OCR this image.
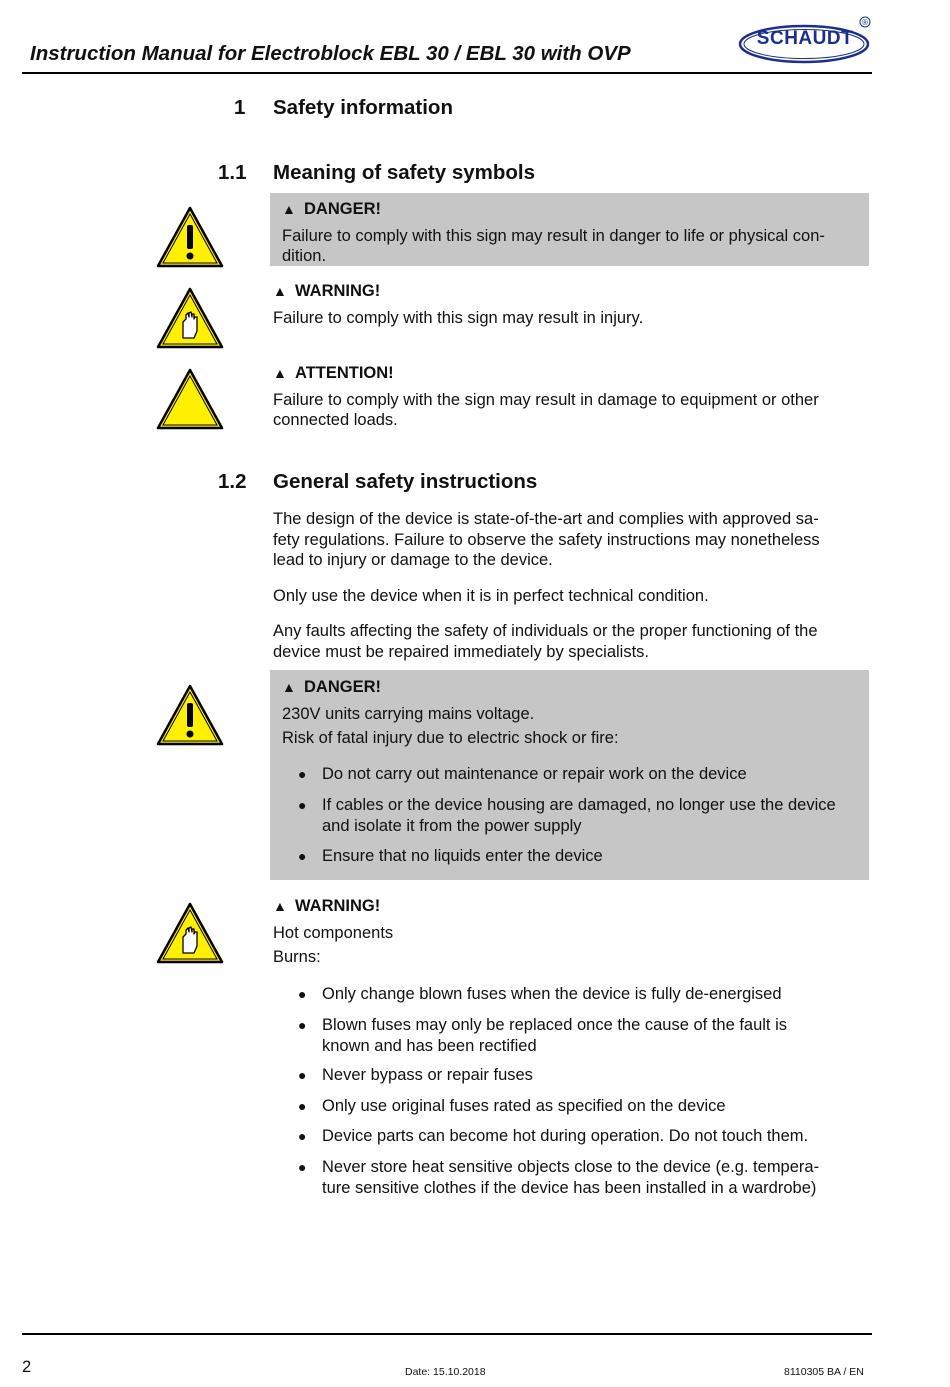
Instruction Manual for Electroblock EBL 30 / EBL 30 with OVP
®
SCHAUDT
1 Safety information
1.1 Meaning of safety symbols
▲ DANGER!
Failure to comply with this sign may result in danger to life or physical con-
dition.
▲ WARNING!
Failure to comply with this sign may result in injury.
▲ ATTENTION!
Failure to comply with the sign may result in damage to equipment or other
connected loads.
1.2 General safety instructions
The design of the device is state-of-the-art and complies with approved sa-
fety regulations. Failure to observe the safety instructions may nonetheless
lead to injury or damage to the device.
Only use the device when it is in perfect technical condition.
Any faults affecting the safety of individuals or the proper functioning of the
device must be repaired immediately by specialists.
▲ DANGER!
230V units carrying mains voltage.
Risk of fatal injury due to electric shock or fire:
● Do not carry out maintenance or repair work on the device
● If cables or the device housing are damaged, no longer use the device
and isolate it from the power supply
● Ensure that no liquids enter the device
▲ WARNING!
Hot components
Burns:
● Only change blown fuses when the device is fully de-energised
● Blown fuses may only be replaced once the cause of the fault is
known and has been rectified
● Never bypass or repair fuses
● Only use original fuses rated as specified on the device
● Device parts can become hot during operation. Do not touch them.
● Never store heat sensitive objects close to the device (e.g. tempera-
ture sensitive clothes if the device has been installed in a wardrobe)
2	Date: 15.10.2018	8110305 BA / EN
